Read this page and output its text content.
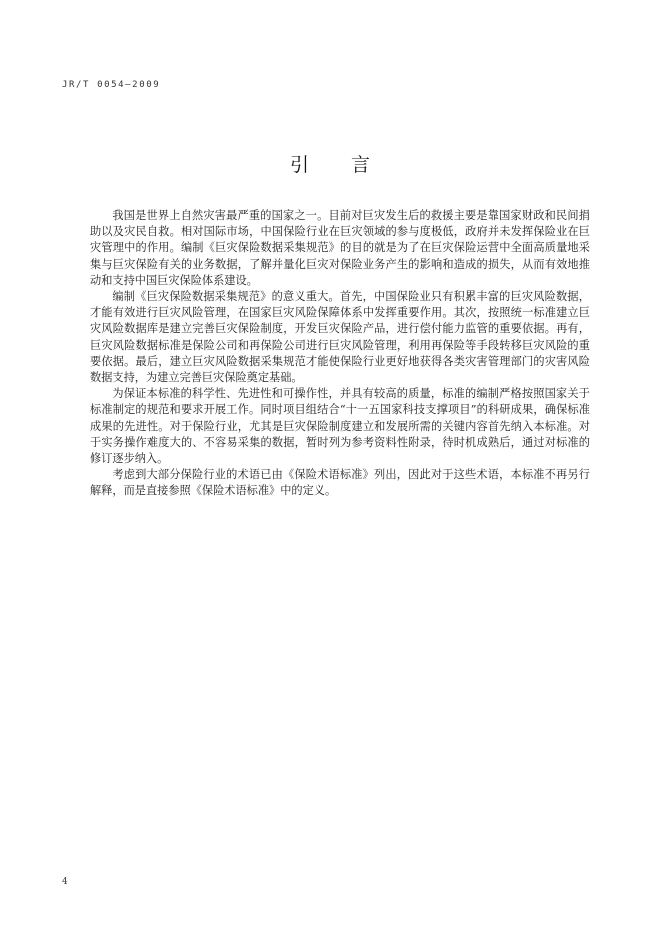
JR/T 0054—2009
引 言

我国是世界上自然灾害最严重的国家之一。目前对巨灾发生后的救援主要是靠国家财政和民间捐助以及灾民自救。相对国际市场，中国保险行业在巨灾领域的参与度极低，政府并未发挥保险业在巨灾管理中的作用。编制《巨灾保险数据采集规范》的目的就是为了在巨灾保险运营中全面高质量地采集与巨灾保险有关的业务数据，了解并量化巨灾对保险业务产生的影响和造成的损失，从而有效地推动和支持中国巨灾保险体系建设。

编制《巨灾保险数据采集规范》的意义重大。首先，中国保险业只有积累丰富的巨灾风险数据，才能有效进行巨灾风险管理，在国家巨灾风险保障体系中发挥重要作用。其次，按照统一标准建立巨灾风险数据库是建立完善巨灾保险制度，开发巨灾保险产品，进行偿付能力监管的重要依据。再有，巨灾风险数据标准是保险公司和再保险公司进行巨灾风险管理，利用再保险等手段转移巨灾风险的重要依据。最后，建立巨灾风险数据采集规范才能使保险行业更好地获得各类灾害管理部门的灾害风险数据支持，为建立完善巨灾保险奠定基础。

为保证本标准的科学性、先进性和可操作性，并具有较高的质量，标准的编制严格按照国家关于标准制定的规范和要求开展工作。同时项目组结合“十一五国家科技支撑项目”的科研成果，确保标准成果的先进性。对于保险行业，尤其是巨灾保险制度建立和发展所需的关键内容首先纳入本标准。对于实务操作难度大的、不容易采集的数据，暂时列为参考资料性附录，待时机成熟后，通过对标准的修订逐步纳入。

考虑到大部分保险行业的术语已由《保险术语标准》列出，因此对于这些术语，本标准不再另行解释，而是直接参照《保险术语标准》中的定义。

4
